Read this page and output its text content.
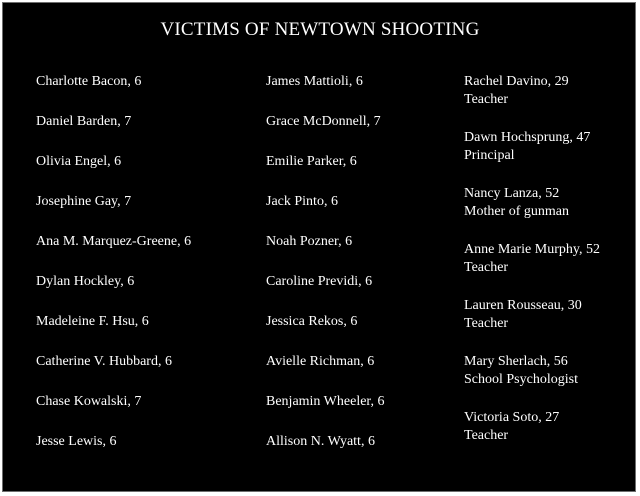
VICTIMS OF NEWTOWN SHOOTING
Charlotte Bacon, 6
Daniel Barden, 7
Olivia Engel, 6
Josephine Gay, 7
Ana M. Marquez-Greene, 6
Dylan Hockley, 6
Madeleine F. Hsu, 6
Catherine V. Hubbard, 6
Chase Kowalski, 7
Jesse Lewis, 6
James Mattioli, 6
Grace McDonnell, 7
Emilie Parker, 6
Jack Pinto, 6
Noah Pozner, 6
Caroline Previdi, 6
Jessica Rekos, 6
Avielle Richman, 6
Benjamin Wheeler, 6
Allison N. Wyatt, 6
Rachel Davino, 29
Teacher
Dawn Hochsprung, 47
Principal
Nancy Lanza, 52
Mother of gunman
Anne Marie Murphy, 52
Teacher
Lauren Rousseau, 30
Teacher
Mary Sherlach, 56
School Psychologist
Victoria Soto, 27
Teacher
